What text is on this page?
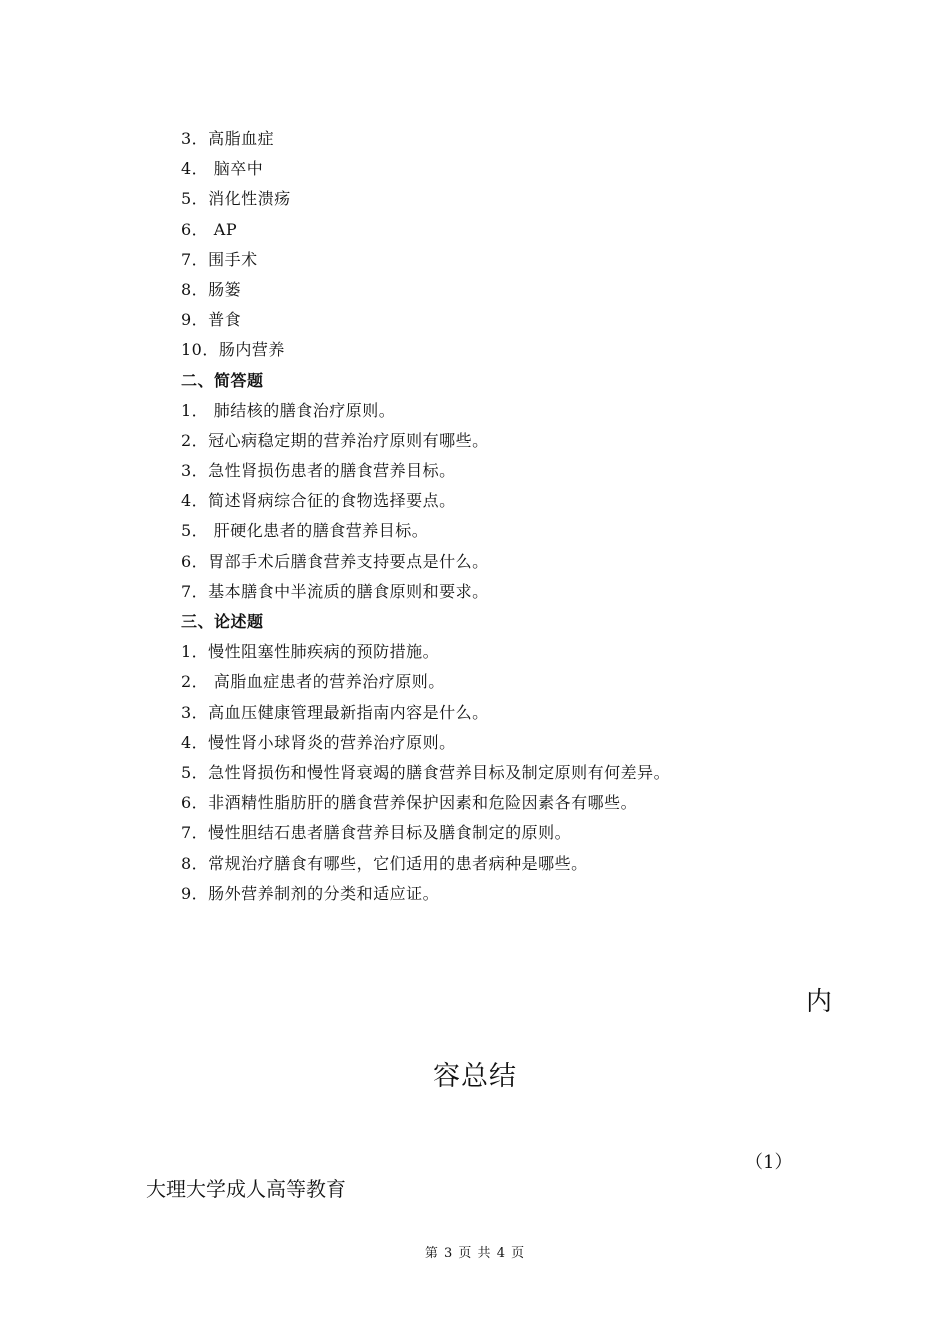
3．高脂血症
4． 脑卒中
5．消化性溃疡
6． AP
7．围手术
8．肠篓
9．普食
10．肠内营养
二、简答题
1． 肺结核的膳食治疗原则。
2．冠心病稳定期的营养治疗原则有哪些。
3．急性肾损伤患者的膳食营养目标。
4．简述肾病综合征的食物选择要点。
5． 肝硬化患者的膳食营养目标。
6．胃部手术后膳食营养支持要点是什么。
7．基本膳食中半流质的膳食原则和要求。
三、论述题
1．慢性阻塞性肺疾病的预防措施。
2． 高脂血症患者的营养治疗原则。
3．高血压健康管理最新指南内容是什么。
4．慢性肾小球肾炎的营养治疗原则。
5．急性肾损伤和慢性肾衰竭的膳食营养目标及制定原则有何差异。
6．非酒精性脂肪肝的膳食营养保护因素和危险因素各有哪些。
7．慢性胆结石患者膳食营养目标及膳食制定的原则。
8．常规治疗膳食有哪些，它们适用的患者病种是哪些。
9．肠外营养制剂的分类和适应证。
内
容总结
（1）
大理大学成人高等教育
第 3 页 共 4 页
